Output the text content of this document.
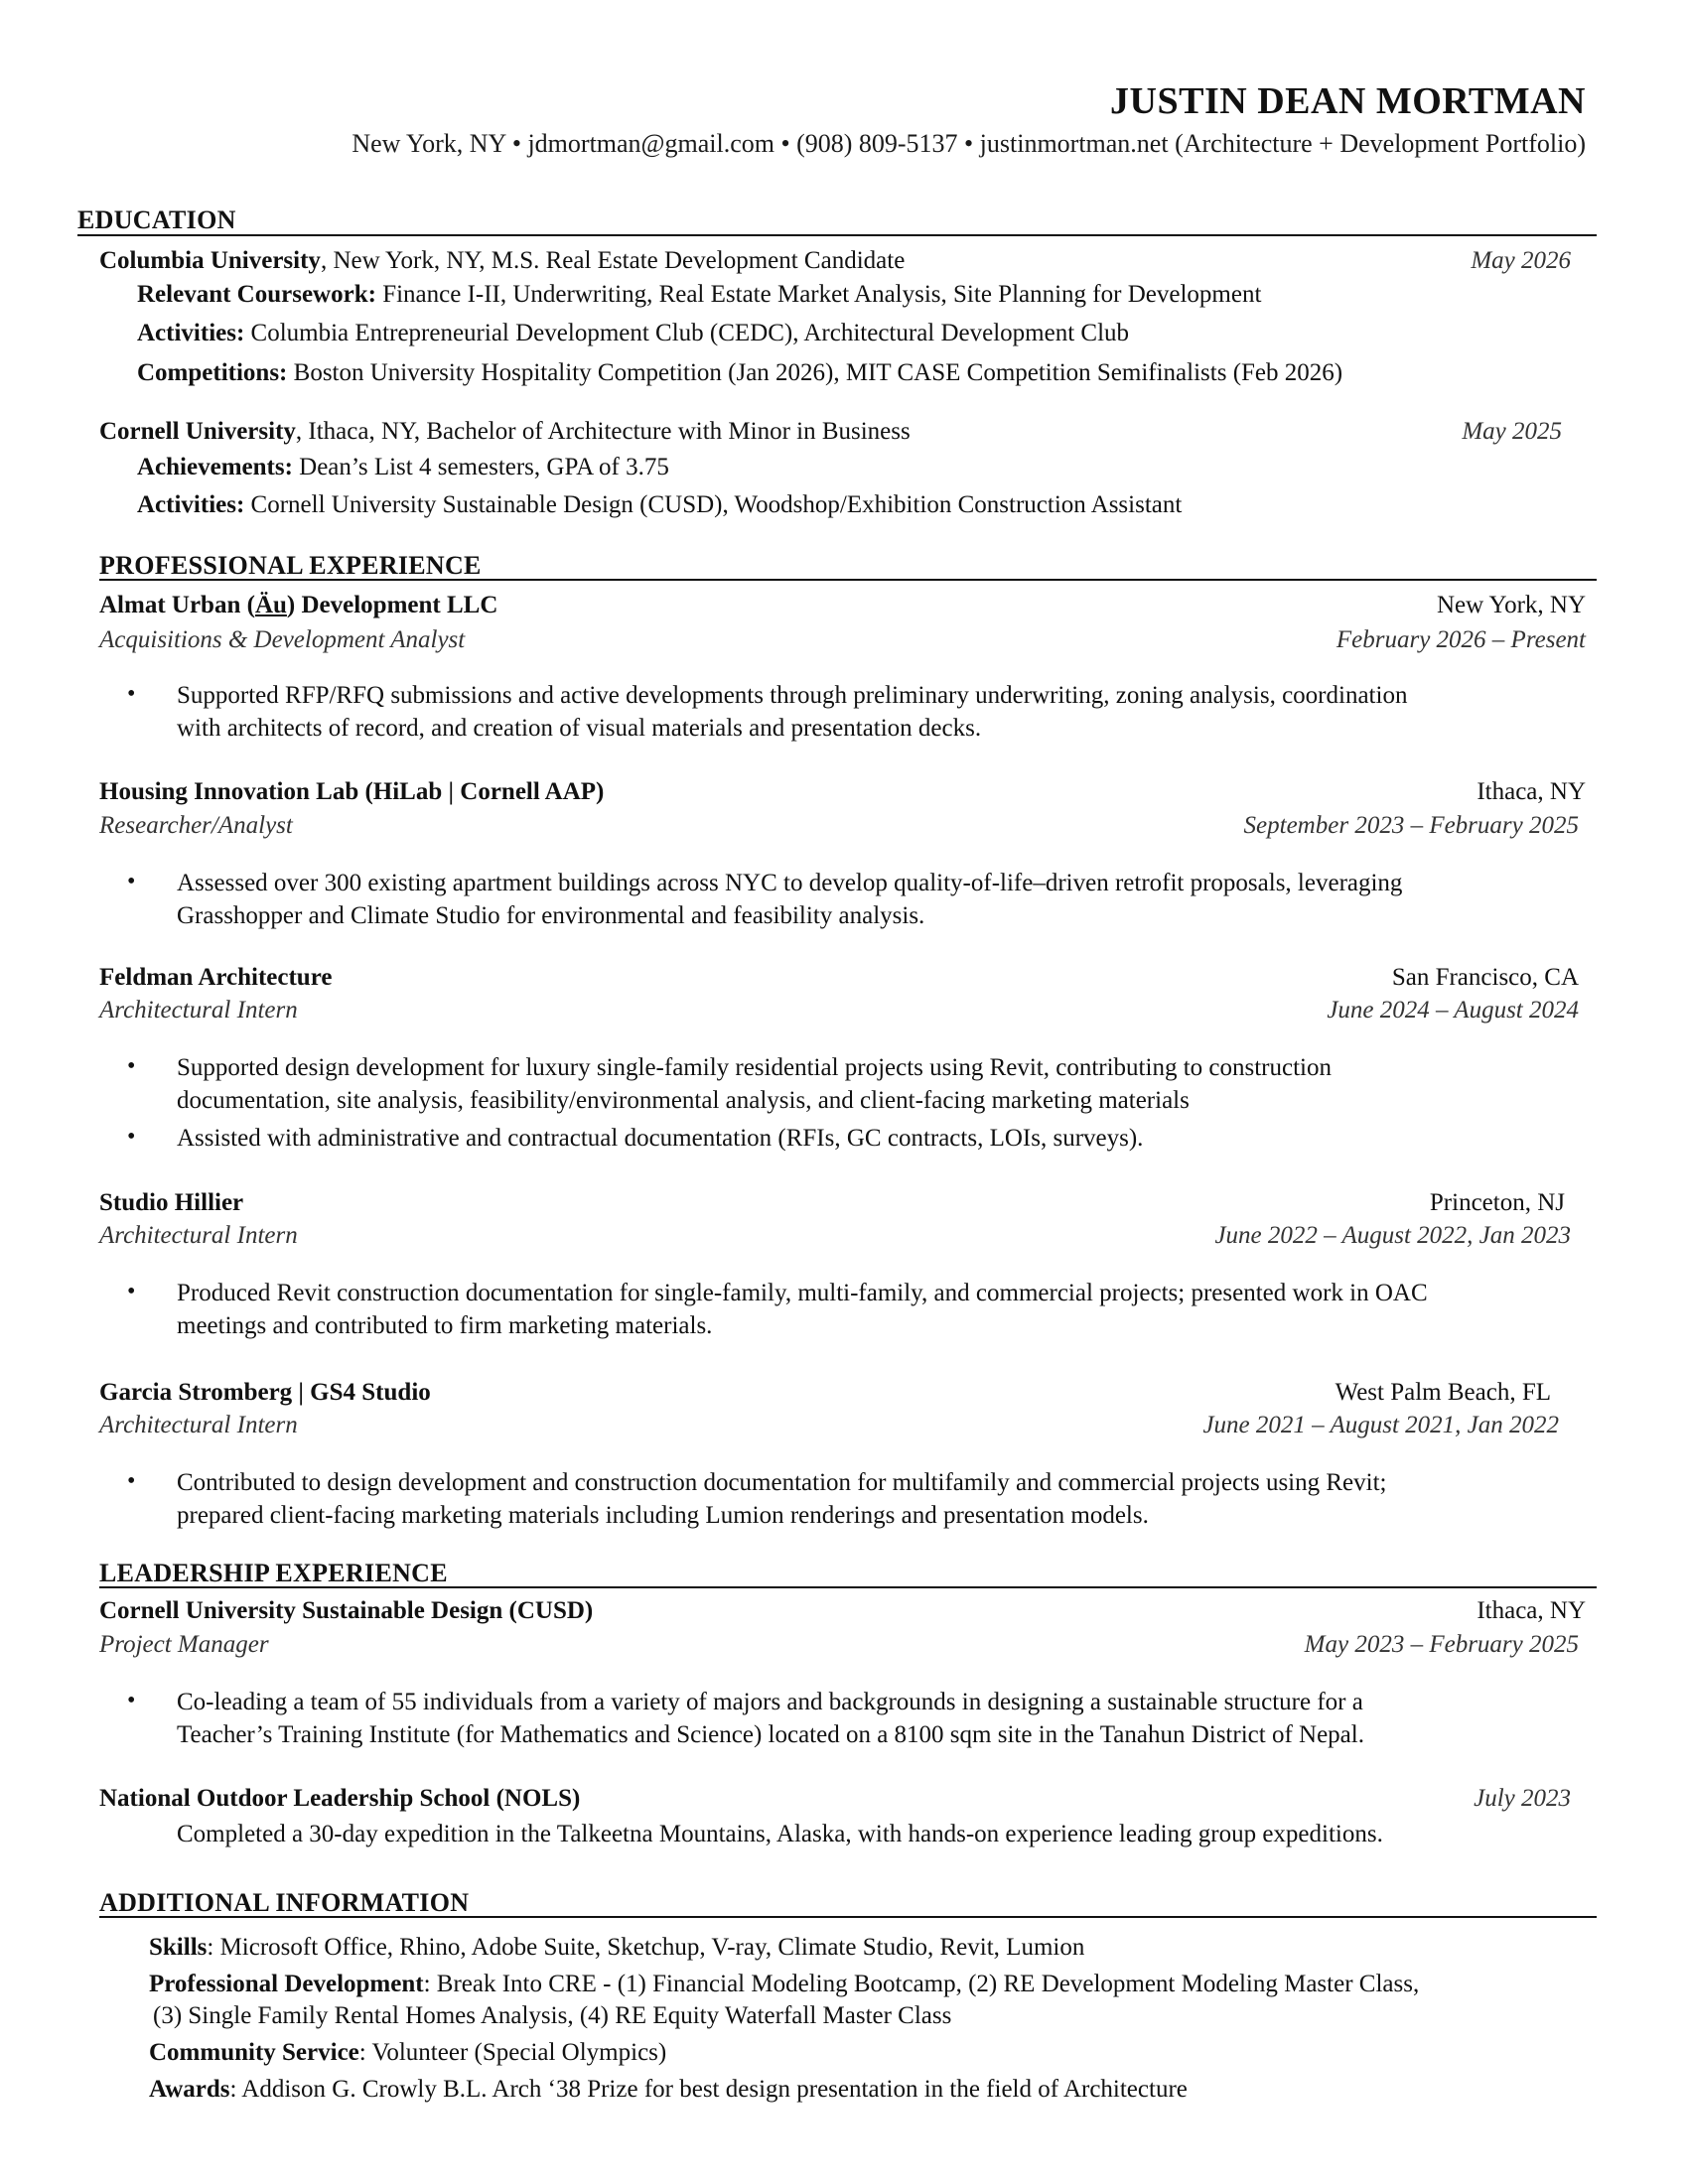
JUSTIN DEAN MORTMAN
New York, NY • jdmortman@gmail.com • (908) 809-5137 • justinmortman.net (Architecture + Development Portfolio)
EDUCATION
Columbia University, New York, NY, M.S. Real Estate Development Candidate	May 2026
Relevant Coursework: Finance I-II, Underwriting, Real Estate Market Analysis, Site Planning for Development
Activities: Columbia Entrepreneurial Development Club (CEDC), Architectural Development Club
Competitions: Boston University Hospitality Competition (Jan 2026), MIT CASE Competition Semifinalists (Feb 2026)
Cornell University, Ithaca, NY, Bachelor of Architecture with Minor in Business	May 2025
Achievements: Dean’s List 4 semesters, GPA of 3.75
Activities: Cornell University Sustainable Design (CUSD), Woodshop/Exhibition Construction Assistant
PROFESSIONAL EXPERIENCE
Almat Urban (Äu) Development LLC	New York, NY
Acquisitions & Development Analyst	February 2026 – Present
• Supported RFP/RFQ submissions and active developments through preliminary underwriting, zoning analysis, coordination
with architects of record, and creation of visual materials and presentation decks.
Housing Innovation Lab (HiLab | Cornell AAP)	Ithaca, NY
Researcher/Analyst	September 2023 – February 2025
• Assessed over 300 existing apartment buildings across NYC to develop quality-of-life–driven retrofit proposals, leveraging
Grasshopper and Climate Studio for environmental and feasibility analysis.
Feldman Architecture	San Francisco, CA
Architectural Intern	June 2024 – August 2024
• Supported design development for luxury single-family residential projects using Revit, contributing to construction
documentation, site analysis, feasibility/environmental analysis, and client-facing marketing materials
• Assisted with administrative and contractual documentation (RFIs, GC contracts, LOIs, surveys).
Studio Hillier	Princeton, NJ
Architectural Intern	June 2022 – August 2022, Jan 2023
• Produced Revit construction documentation for single-family, multi-family, and commercial projects; presented work in OAC
meetings and contributed to firm marketing materials.
Garcia Stromberg | GS4 Studio	West Palm Beach, FL
Architectural Intern	June 2021 – August 2021, Jan 2022
• Contributed to design development and construction documentation for multifamily and commercial projects using Revit;
prepared client-facing marketing materials including Lumion renderings and presentation models.
LEADERSHIP EXPERIENCE
Cornell University Sustainable Design (CUSD)	Ithaca, NY
Project Manager	May 2023 – February 2025
• Co-leading a team of 55 individuals from a variety of majors and backgrounds in designing a sustainable structure for a
Teacher’s Training Institute (for Mathematics and Science) located on a 8100 sqm site in the Tanahun District of Nepal.
National Outdoor Leadership School (NOLS)	July 2023
Completed a 30-day expedition in the Talkeetna Mountains, Alaska, with hands-on experience leading group expeditions.
ADDITIONAL INFORMATION
Skills: Microsoft Office, Rhino, Adobe Suite, Sketchup, V-ray, Climate Studio, Revit, Lumion
Professional Development: Break Into CRE - (1) Financial Modeling Bootcamp, (2) RE Development Modeling Master Class,
(3) Single Family Rental Homes Analysis, (4) RE Equity Waterfall Master Class
Community Service: Volunteer (Special Olympics)
Awards: Addison G. Crowly B.L. Arch ‘38 Prize for best design presentation in the field of Architecture
